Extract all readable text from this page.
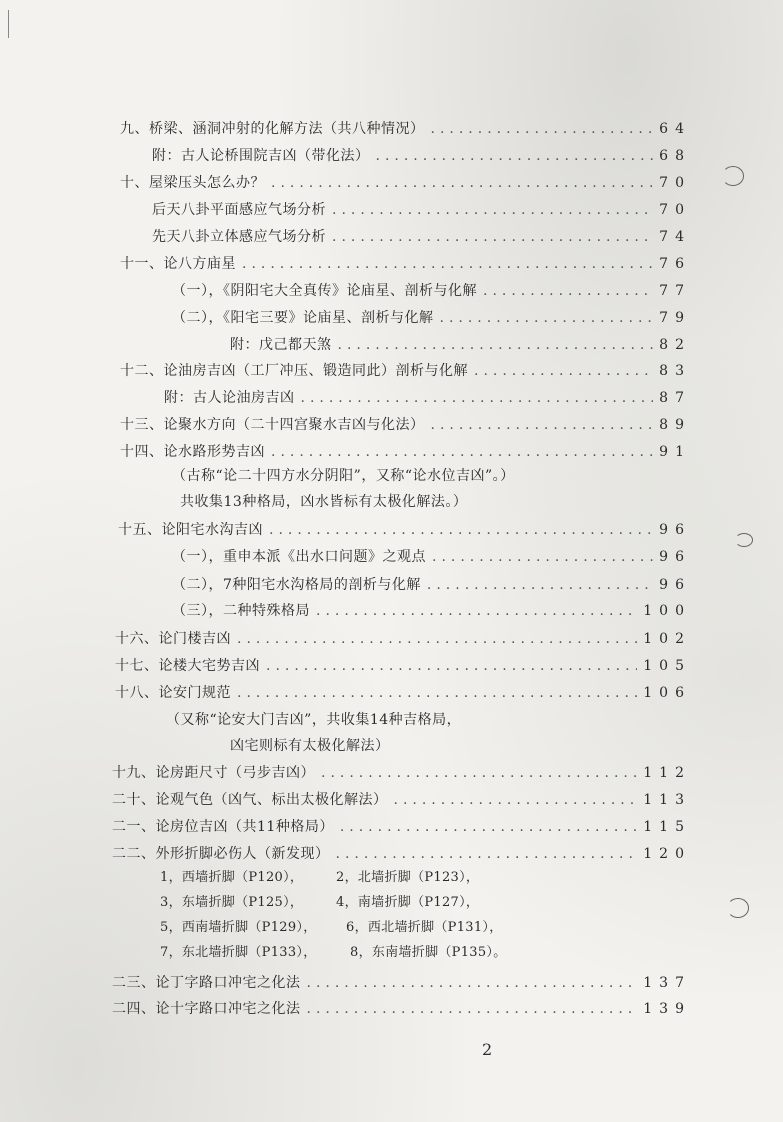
九、桥梁、涵洞冲射的化解方法（共八种情况） .....	64
附：古人论桥围院吉凶（带化法） .....	68
十、屋梁压头怎么办？ .....	70
后天八卦平面感应气场分析 .....	70
先天八卦立体感应气场分析 .....	74
十一、论八方庙星 .....	76
（一），《阴阳宅大全真传》论庙星、剖析与化解 .....	77
（二），《阳宅三要》论庙星、剖析与化解 .....	79
附：戊己都天煞 .....	82
十二、论油房吉凶（工厂冲压、锻造同此）剖析与化解 .....	83
附：古人论油房吉凶 .....	87
十三、论聚水方向（二十四宫聚水吉凶与化法） .....	89
十四、论水路形势吉凶 .....	91
（古称“论二十四方水分阴阳”，又称“论水位吉凶”。）
共收集13种格局，凶水皆标有太极化解法。）
十五、论阳宅水沟吉凶 .....	96
（一），重申本派《出水口问题》之观点 .....	96
（二），7种阳宅水沟格局的剖析与化解 .....	96
（三），二种特殊格局 .....	100
十六、论门楼吉凶 .....	102
十七、论楼大宅势吉凶 .....	105
十八、论安门规范 .....	106
（又称“论安大门吉凶”，共收集14种吉格局，
凶宅则标有太极化解法）
十九、论房距尺寸（弓步吉凶） .....	112
二十、论观气色（凶气、标出太极化解法） .....	113
二一、论房位吉凶（共11种格局） .....	115
二二、外形折脚必伤人（新发现） .....	120
1，西墙折脚（P120），	2，北墙折脚（P123），
3，东墙折脚（P125），	4，南墙折脚（P127），
5，西南墙折脚（P129）， 6，西北墙折脚（P131），
7，东北墙折脚（P133），	8，东南墙折脚（P135）。
二三、论丁字路口冲宅之化法 .....	137
二四、论十字路口冲宅之化法 .....	139
2
